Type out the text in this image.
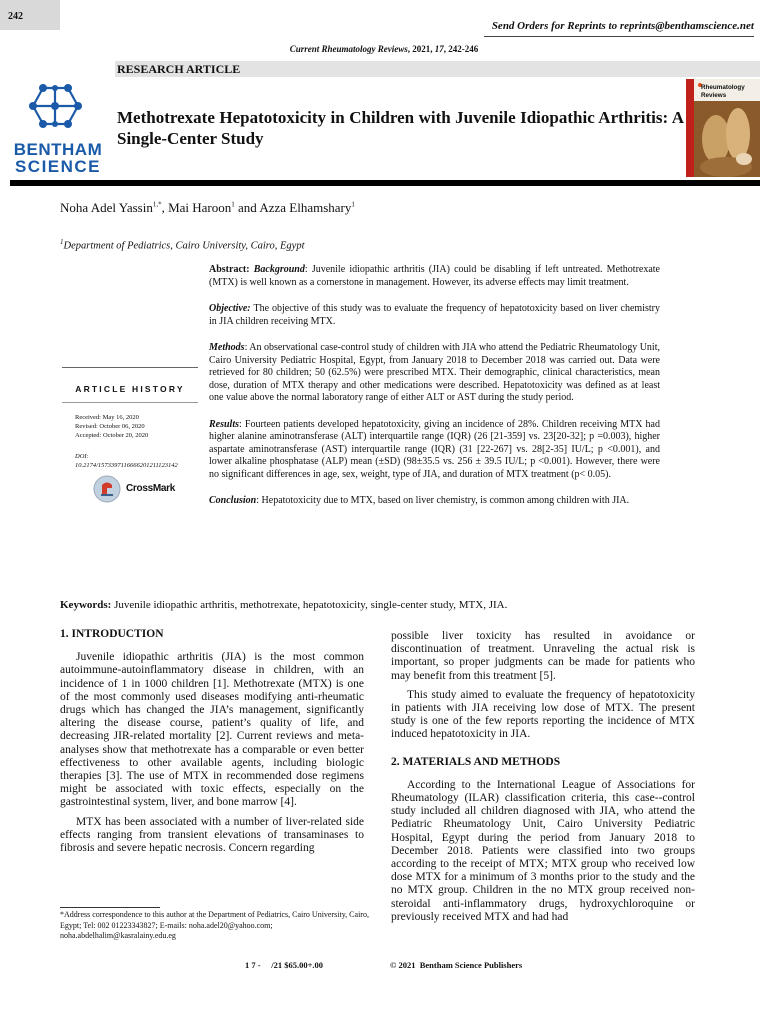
242
Send Orders for Reprints to reprints@benthamscience.net
Current Rheumatology Reviews, 2021, 17, 242-246
RESEARCH ARTICLE
BENTHAM
SCIENCE
Methotrexate Hepatotoxicity in Children with Juvenile Idiopathic Arthritis: A Single-Center Study
Rheumatology
Reviews
Noha Adel Yassin$^{1,*}$, Mai Haroon$^1$ and Azza Elhamshary$^1$
$^1$Department of Pediatrics, Cairo University, Cairo, Egypt

Abstract: Background: Juvenile idiopathic arthritis (JIA) could be disabling if left untreated. Methotrexate (MTX) is well known as a cornerstone in management. However, its adverse effects may limit treatment.

Objective: The objective of this study was to evaluate the frequency of hepatotoxicity based on liver chemistry in JIA children receiving MTX.

Methods: An observational case-control study of children with JIA who attend the Pediatric Rheumatology Unit, Cairo University Pediatric Hospital, Egypt, from January 2018 to December 2018 was carried out. Data were retrieved for 80 children; 50 (62.5%) were prescribed MTX. Their demographic, clinical characteristics, mean dose, duration of MTX therapy and other medications were described. Hepatotoxicity was defined as at least one value above the normal laboratory range of either ALT or AST during the study period.

Results: Fourteen patients developed hepatotoxicity, giving an incidence of 28%. Children receiving MTX had higher alanine aminotransferase (ALT) interquartile range (IQR) (26 [21-359] vs. 23[20-32]; p =0.003), higher aspartate aminotransferase (AST) interquartile range (IQR) (31 [22-267] vs. 28[2-35] IU/L; p <0.001), and lower alkaline phosphatase (ALP) mean (±SD) (98±35.5 vs. 256 ± 39.5 IU/L; p <0.001). However, there were no significant differences in age, sex, weight, type of JIA, and duration of MTX treatment (p< 0.05).

Conclusion: Hepatotoxicity due to MTX, based on liver chemistry, is common among children with JIA.

ARTICLE HISTORY
Received: May 16, 2020
Revised: October 06, 2020
Accepted: October 20, 2020
DOI:
10.2174/1573397116666201211123142
CrossMark
Keywords: Juvenile idiopathic arthritis, methotrexate, hepatotoxicity, single-center study, MTX, JIA.
1. INTRODUCTION

Juvenile idiopathic arthritis (JIA) is the most common autoimmune-autoinflammatory disease in children, with an incidence of 1 in 1000 children [1]. Methotrexate (MTX) is one of the most commonly used diseases modifying anti-rheumatic drugs which has changed the JIA’s management, significantly altering the disease course, patient’s quality of life, and decreasing JIR-related mortality [2]. Current reviews and meta-analyses show that methotrexate has a comparable or even better effectiveness to other available agents, including biologic therapies [3]. The use of MTX in recommended dose regimens might be associated with toxic effects, especially on the gastrointestinal system, liver, and bone marrow [4].

MTX has been associated with a number of liver-related side effects ranging from transient elevations of transaminases to fibrosis and severe hepatic necrosis. Concern regarding

possible liver toxicity has resulted in avoidance or discontinuation of treatment. Unraveling the actual risk is important, so proper judgments can be made for patients who may benefit from this treatment [5].

This study aimed to evaluate the frequency of hepatotoxicity in patients with JIA receiving low dose of MTX. The present study is one of the few reports reporting the incidence of MTX induced hepatotoxicity in JIA.

2. MATERIALS AND METHODS

According to the International League of Associations for Rheumatology (ILAR) classification criteria, this case--control study included all children diagnosed with JIA, who attend the Pediatric Rheumatology Unit, Cairo University Pediatric Hospital, Egypt during the period from January 2018 to December 2018. Patients were classified into two groups according to the receipt of MTX; MTX group who received low dose MTX for a minimum of 3 months prior to the study and the no MTX group. Children in the no MTX group received non-steroidal anti-inflammatory drugs, hydroxychloroquine or previously received MTX and had had

*Address correspondence to this author at the Department of Pediatrics, Cairo University, Cairo, Egypt; Tel: 002 01223343827; E-mails: noha.adel20@yahoo.com; noha.abdelhalim@kasralainy.edu.eg
1 7 -     /21 $65.00+.00	© 2021  Bentham Science Publishers
